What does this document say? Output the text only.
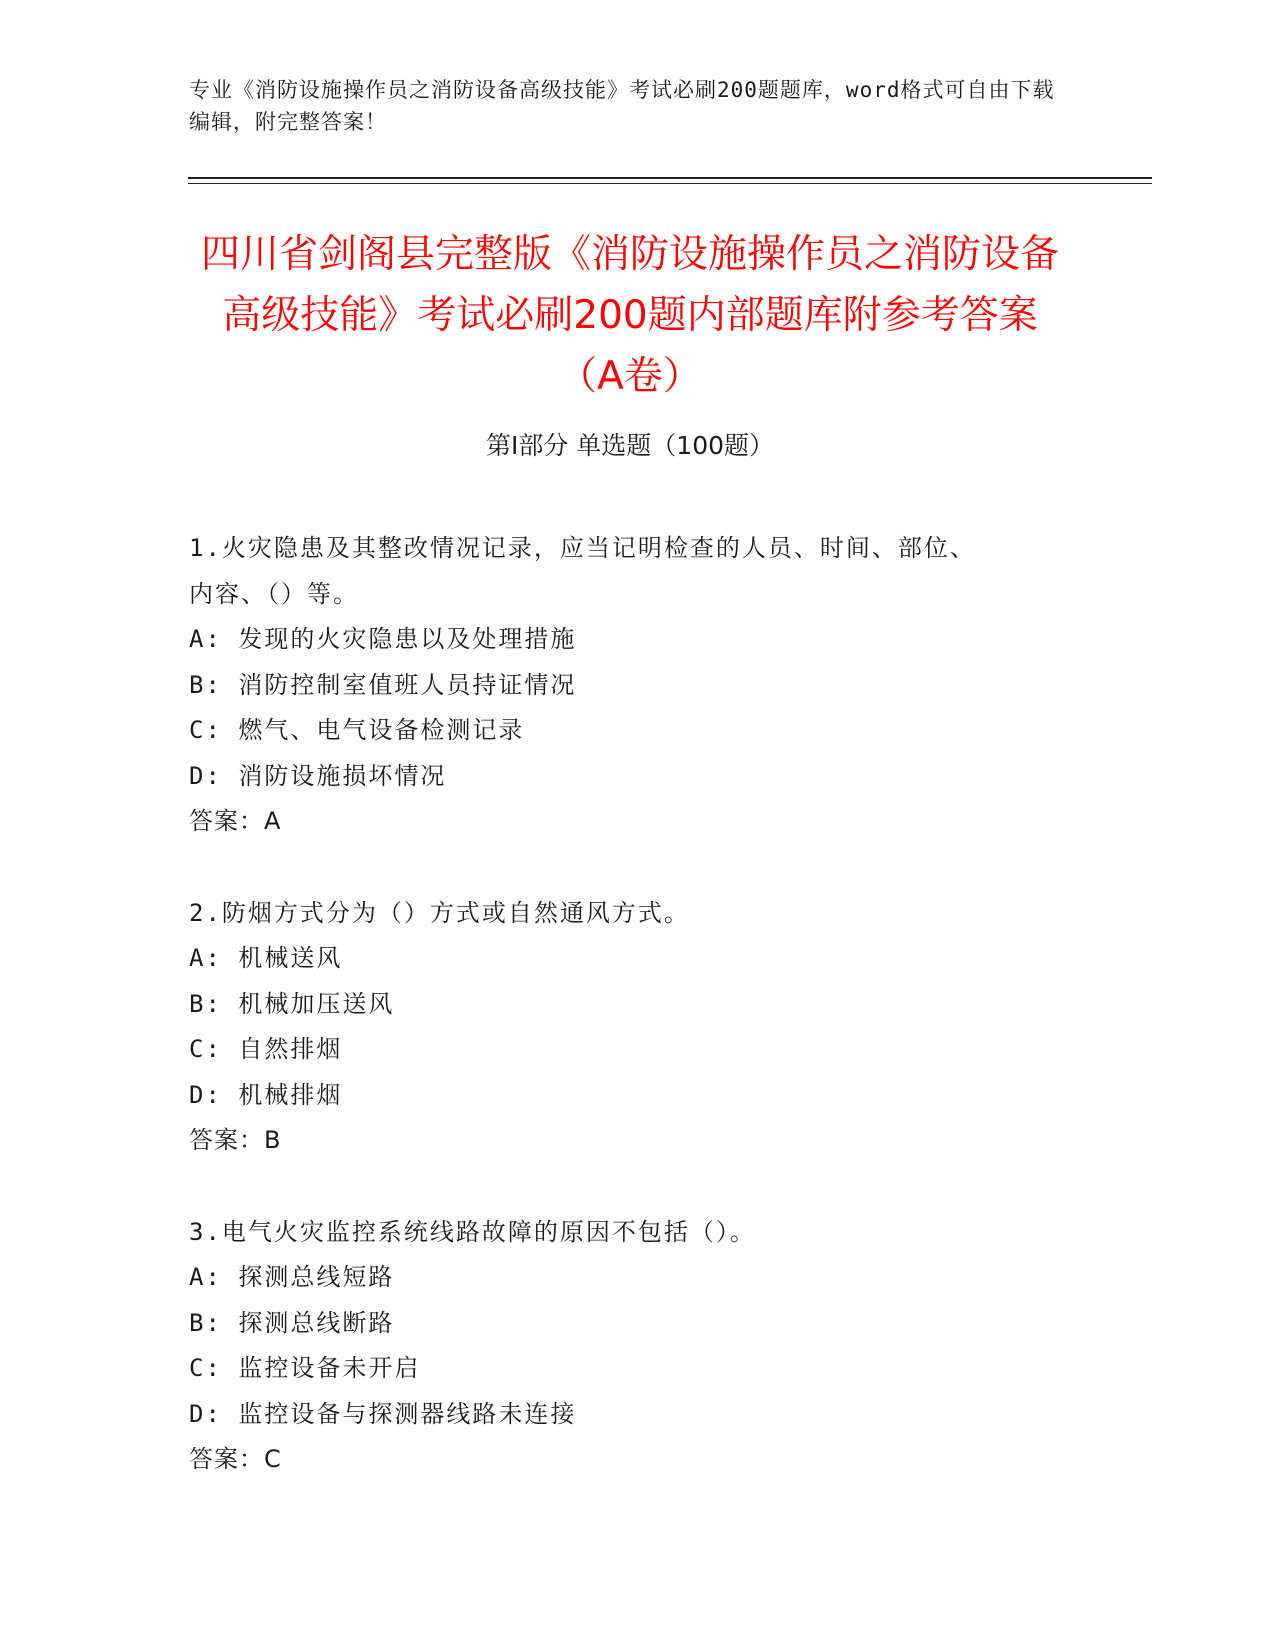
专业《消防设施操作员之消防设备高级技能》考试必刷200题题库，word格式可自由下载编辑，附完整答案！
四川省剑阁县完整版《消防设施操作员之消防设备高级技能》考试必刷200题内部题库附参考答案（A卷）
第I部分 单选题（100题）
1.火灾隐患及其整改情况记录，应当记明检查的人员、时间、部位、
内容、（）等。
A: 发现的火灾隐患以及处理措施
B: 消防控制室值班人员持证情况
C: 燃气、电气设备检测记录
D: 消防设施损坏情况
答案：A
2.防烟方式分为（）方式或自然通风方式。
A: 机械送风
B: 机械加压送风
C: 自然排烟
D: 机械排烟
答案：B
3.电气火灾监控系统线路故障的原因不包括（）。
A: 探测总线短路
B: 探测总线断路
C: 监控设备未开启
D: 监控设备与探测器线路未连接
答案：C
